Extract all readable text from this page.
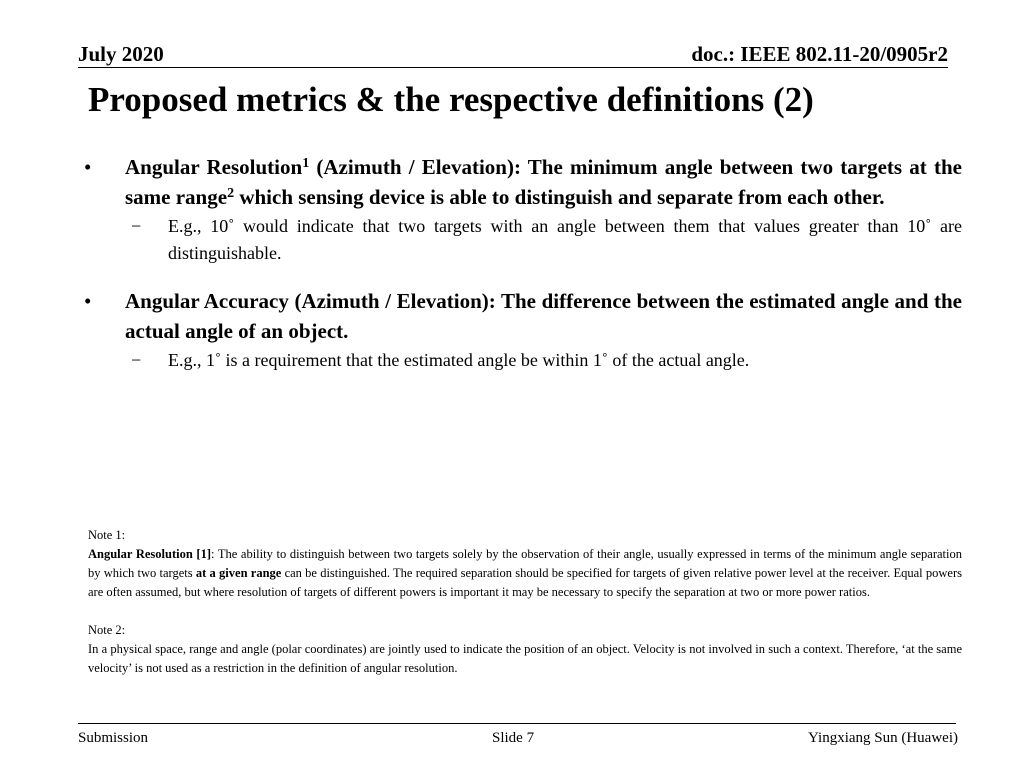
July 2020	doc.: IEEE 802.11-20/0905r2
Proposed metrics & the respective definitions (2)
• Angular Resolution$^1$ (Azimuth / Elevation): The minimum angle between two targets at the same range$^2$ which sensing device is able to distinguish and separate from each other.
− E.g., 10˚ would indicate that two targets with an angle between them that values greater than 10˚ are distinguishable.
• Angular Accuracy (Azimuth / Elevation): The difference between the estimated angle and the actual angle of an object.
− E.g., 1˚ is a requirement that the estimated angle be within 1˚ of the actual angle.
Note 1:
Angular Resolution [1]: The ability to distinguish between two targets solely by the observation of their angle, usually expressed in terms of the minimum angle separation by which two targets at a given range can be distinguished. The required separation should be specified for targets of given relative power level at the receiver. Equal powers are often assumed, but where resolution of targets of different powers is important it may be necessary to specify the separation at two or more power ratios.
Note 2:
In a physical space, range and angle (polar coordinates) are jointly used to indicate the position of an object. Velocity is not involved in such a context. Therefore, ‘at the same velocity’ is not used as a restriction in the definition of angular resolution.
Submission	Slide 7	Yingxiang Sun (Huawei)
